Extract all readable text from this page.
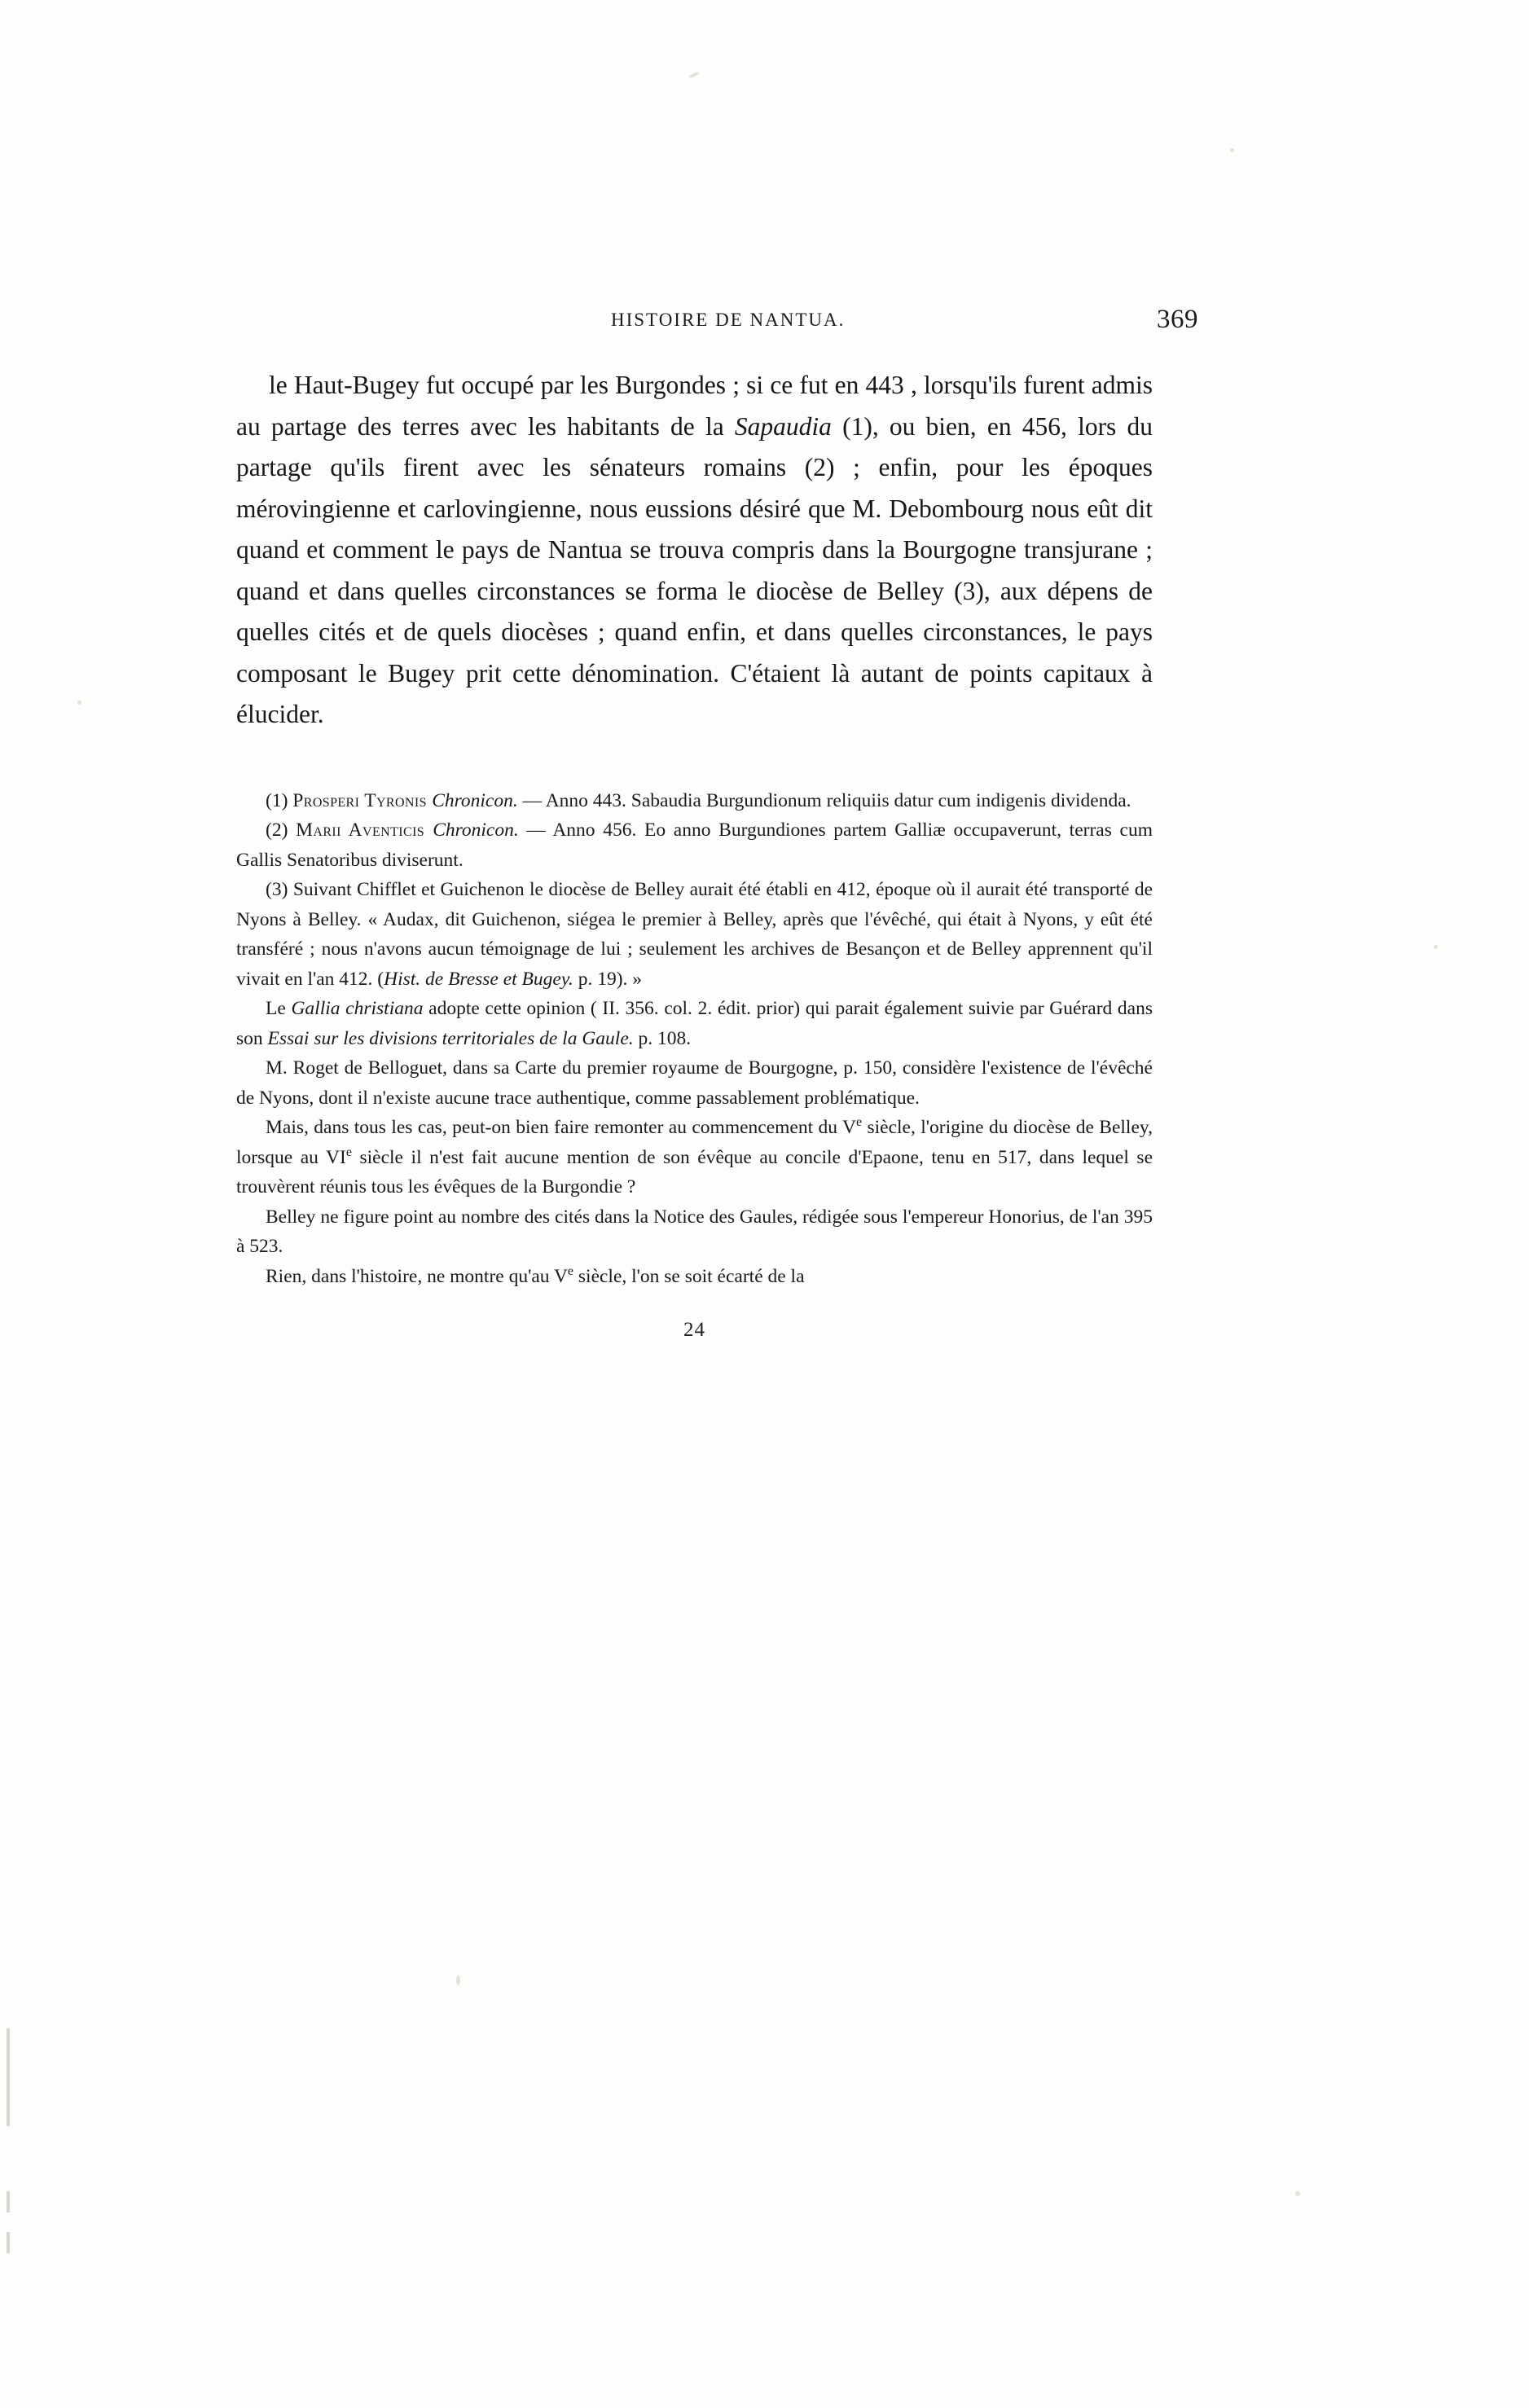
HISTOIRE DE NANTUA.	369

le Haut-Bugey fut occupé par les Burgondes ; si ce fut en 443 , lorsqu'ils furent admis au partage des terres avec les habitants de la Sapaudia (1), ou bien, en 456, lors du partage qu'ils firent avec les sénateurs romains (2) ; enfin, pour les époques mérovingienne et carlovingienne, nous eussions désiré que M. Debombourg nous eût dit quand et comment le pays de Nantua se trouva compris dans la Bourgogne transjurane ; quand et dans quelles circonstances se forma le diocèse de Belley (3), aux dépens de quelles cités et de quels diocèses ; quand enfin, et dans quelles circonstances, le pays composant le Bugey prit cette dénomination. C'étaient là autant de points capitaux à élucider.

(1) Prosperi Tyronis Chronicon. — Anno 443. Sabaudia Burgundionum reliquiis datur cum indigenis dividenda.

(2) Marii Aventicis Chronicon. — Anno 456. Eo anno Burgundiones partem Galliæ occupaverunt, terras cum Gallis Senatoribus diviserunt.

(3) Suivant Chifflet et Guichenon le diocèse de Belley aurait été établi en 412, époque où il aurait été transporté de Nyons à Belley. « Audax, dit Guichenon, siégea le premier à Belley, après que l'évêché, qui était à Nyons, y eût été transféré ; nous n'avons aucun témoignage de lui ; seulement les archives de Besançon et de Belley apprennent qu'il vivait en l'an 412. (Hist. de Bresse et Bugey. p. 19). »

Le Gallia christiana adopte cette opinion ( II. 356. col. 2. édit. prior) qui parait également suivie par Guérard dans son Essai sur les divisions territoriales de la Gaule. p. 108.

M. Roget de Belloguet, dans sa Carte du premier royaume de Bourgogne, p. 150, considère l'existence de l'évêché de Nyons, dont il n'existe aucune trace authentique, comme passablement problématique.

Mais, dans tous les cas, peut-on bien faire remonter au commencement du Ve siècle, l'origine du diocèse de Belley, lorsque au VIe siècle il n'est fait aucune mention de son évêque au concile d'Epaone, tenu en 517, dans lequel se trouvèrent réunis tous les évêques de la Burgondie ?

Belley ne figure point au nombre des cités dans la Notice des Gaules, rédigée sous l'empereur Honorius, de l'an 395 à 523.

Rien, dans l'histoire, ne montre qu'au Ve siècle, l'on se soit écarté de la

24
